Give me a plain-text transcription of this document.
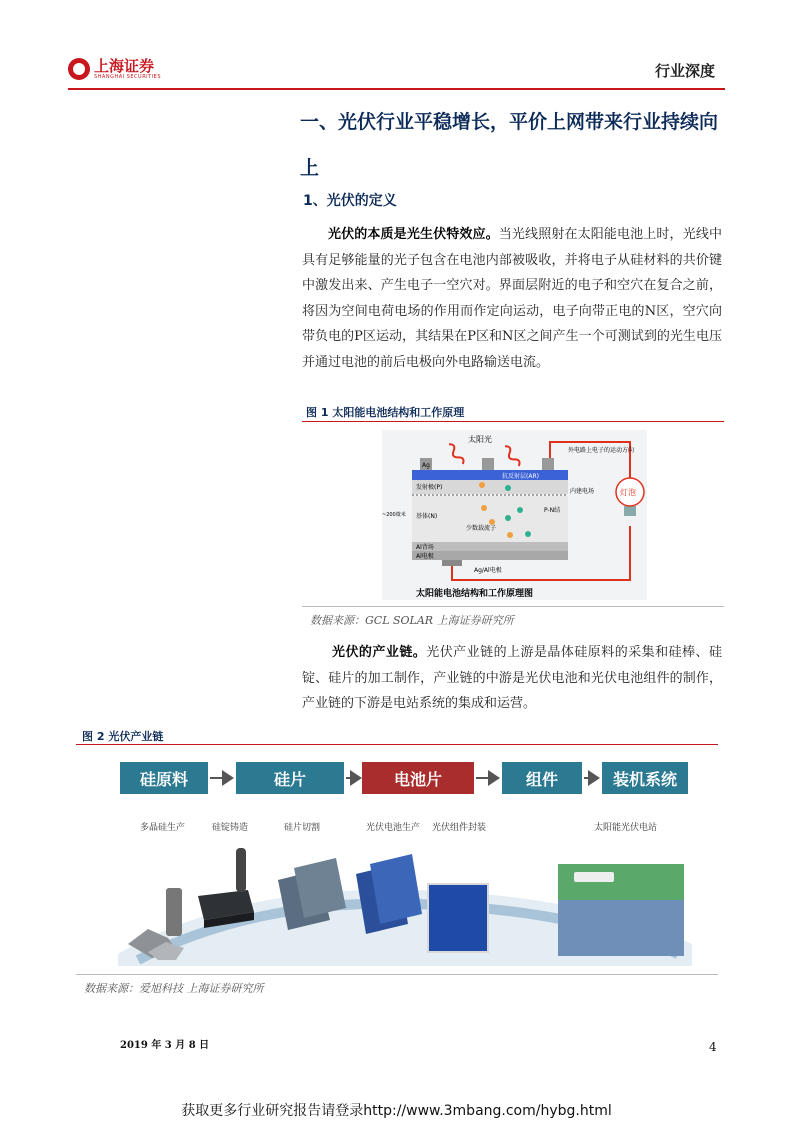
上海证券
SHANGHAI SECURITIES	行业深度
一、光伏行业平稳增长，平价上网带来行业持续向上
1、光伏的定义
光伏的本质是光生伏特效应。当光线照射在太阳能电池上时，光线中具有足够能量的光子包含在电池内部被吸收，并将电子从硅材料的共价键中激发出来、产生电子一空穴对。界面层附近的电子和空穴在复合之前，将因为空间电荷电场的作用而作定向运动，电子向带正电的N区，空穴向带负电的P区运动，其结果在P区和N区之间产生一个可测试到的光生电压并通过电池的前后电极向外电路输送电流。
图 1 太阳能电池结构和工作原理
太阳光
Ag
抗反射层(AR)
发射极(P)
基体(N)
少数载流子
P-N结
内建电场
~200微米
Al背场
Al电极
Ag/Al电极
外电路上电子的运动方向
灯泡
太阳能电池结构和工作原理图
数据来源：GCL SOLAR 上海证券研究所
光伏的产业链。光伏产业链的上游是晶体硅原料的采集和硅棒、硅锭、硅片的加工制作，产业链的中游是光伏电池和光伏电池组件的制作，产业链的下游是电站系统的集成和运营。
图 2 光伏产业链
硅原料	硅片	电池片	组件	装机系统
多晶硅生产	硅锭铸造	硅片切割	光伏电池生产 光伏组件封装	太阳能光伏电站
数据来源：爱旭科技 上海证券研究所
2019 年 3 月 8 日	4
获取更多行业研究报告请登录http://www.3mbang.com/hybg.html
